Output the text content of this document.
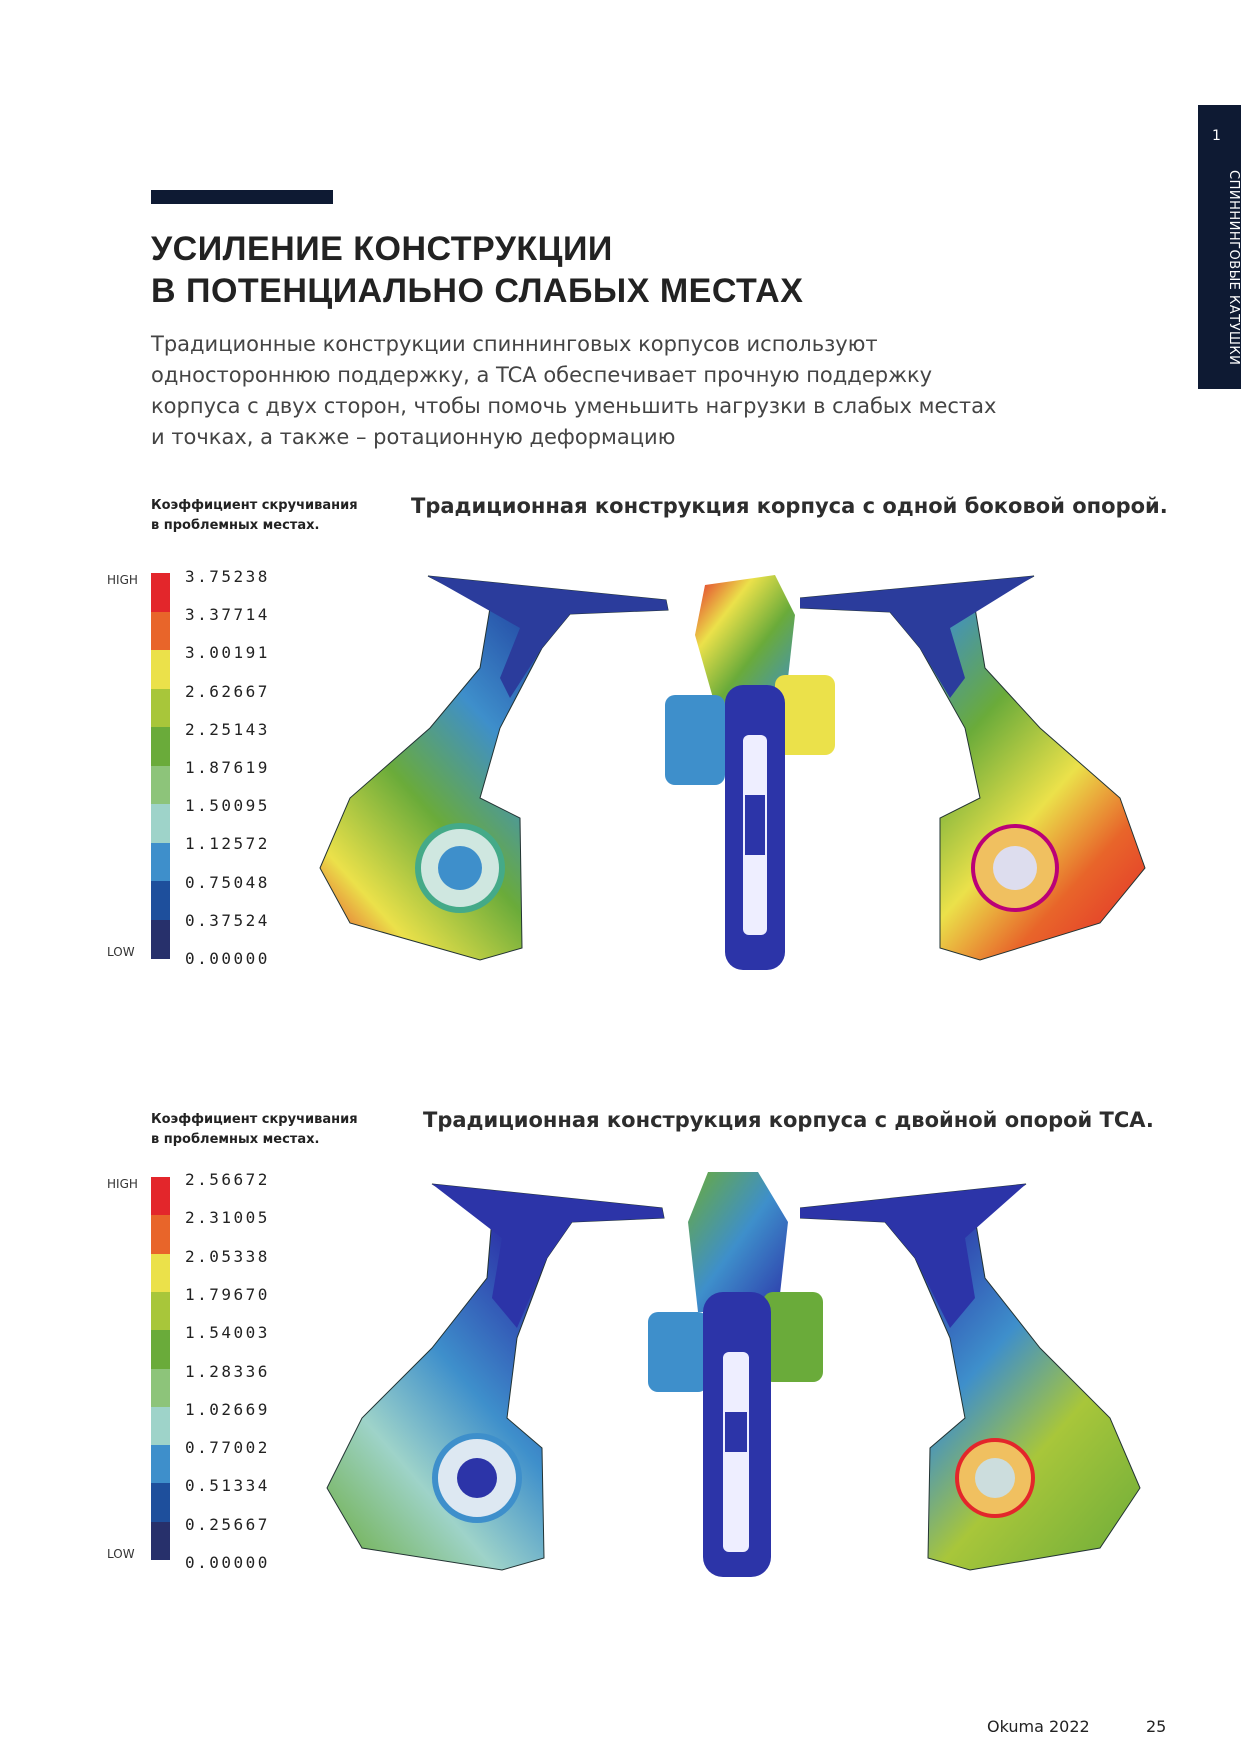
1
СПИННИНГОВЫЕ КАТУШКИ
УСИЛЕНИЕ КОНСТРУКЦИИ
В ПОТЕНЦИАЛЬНО СЛАБЫХ МЕСТАХ
Традиционные конструкции спиннинговых корпусов используют одностороннюю поддержку, а TCA обеспечивает прочную поддержку корпуса с двух сторон, чтобы помочь уменьшить нагрузки в слабых местах и точках, а также – ротационную деформацию
Коэффициент скручивания
в проблемных местах.
Традиционная конструкция корпуса с одной боковой опорой.
HIGH
LOW
3.75238
3.37714
3.00191
2.62667
2.25143
1.87619
1.50095
1.12572
0.75048
0.37524
0.00000
Коэффициент скручивания
в проблемных местах.
Традиционная конструкция корпуса с двойной опорой TCA.
HIGH
LOW
2.56672
2.31005
2.05338
1.79670
1.54003
1.28336
1.02669
0.77002
0.51334
0.25667
0.00000
Okuma 2022	25
